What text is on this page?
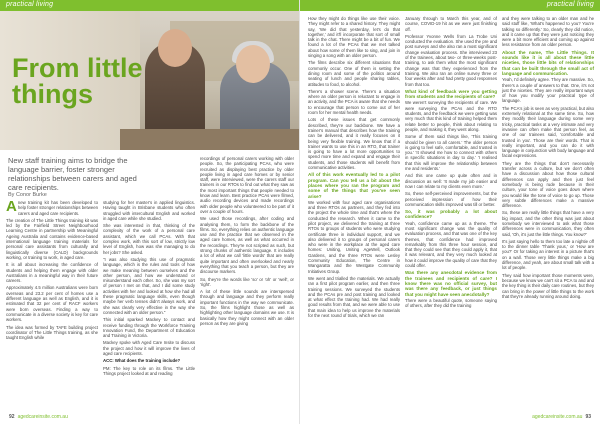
practical living
From little
things
New staff training aims to bridge the language barrier, foster stronger relationships between carers and aged care recipients.
By Conor Burke

Anew training kit has been developed to help foster stronger relationships between carers and aged care recipients.

The creation of The Little Things training kit was led by the Fairfield Street Neighbourhood Learning Centre in partnership with Meaningful Ageing Australia and contains evidence-based international language training materials for personal care assistants from culturally and linguistically diverse (CALD) backgrounds working, or training to work, in aged care.

It is all about increasing the confidence of students and helping them engage with older Australians in a meaningful way in their future careers.

Approximately 4.5 million Australians were born overseas and 23.2 per cent of homes use a different language as well as English, and it is estimated that 32 per cent of RACF workers were born overseas. Finding a way to communicate in a diverse society is key for care workers.

The idea was formed by TAFE building project coordinator of The Little Things training, as she taught English while

studying for her master's in applied linguistics. Having taught in Brisbane students who often struggled with intercultural English and worked in aged care while she studied.

She was interested in that, thinking of the complexity of the work of a personal care assistant, which we call PCAs. With that complex work, with this sort of low, strictly low level of English, how was she managing to do her jobs? She asked.

"I was also studying this use of pragmatic language, which is the rules and tools of how we make meaning between ourselves and the other person, and how we understand or misunderstand each other. So, she was my sort of person I met on that, and I did some study activities with her and looked at how she had all these pragmatic language skills, even though maybe her verb tenses didn't always work, and she was clearly very effective in the way she connected with an older person."

This initial sparked Mackey to contact and receive funding through the Workforce Training Innovation Fund, the Department of Education and Training in Victoria.

Mackey spoke with Aged Care Insite to discuss the project and how it will improve the lives of aged care recipients.

ACC: What does the training include?

PM: The key to role on its films. The Little Things project looked at and reading

recordings of personal carers working with older people. So, the participating PCAs, who were recruited as displaying best practice by older people living in aged care homes or by senior staff, were interviewed, were the carers staff our trainers in our RTOs to find out what they saw as the most important things that people needed to know and learn. Best practice PCAs were filmed, audio recording devices and made recordings with older people who volunteered to be part of it over a couple of hours.

We used those recordings, after coding and analysing them, to form the backbone of the films. So, everything relies on authentic language use and the practice that we observed in the aged care homes, as well as what occurred in the recordings. They're not scripted as such, but strong chunks of authentic language. It includes a lot of what we call 'little words' that are really quite important and often overlooked and nearly everything that you teach a person, but they are discourse markers.

So, they're the words like 'so' or 'oh' or 'well', or 'right'.

A lot of these little sounds are interspersed through and language and they perform really important functions in the way we communicate. So, the films highlight those as well as highlighting other language domains we use. It is basically how they might connect with an older person as they are giving

92 agedcareinsite.com.au
practical living

How they might do things like use their voice. They might refer to a shared history. They might say, 'We did that yesterday, let's do that together,' and it'll incorporate that sort of small talk in the chat. There might be a bit of fun. We found a lot of the PCAs that we met talked about how some of them like to sing, and join in singing a song with an older person.

The films describe six different situations that commonly occur. One of them is setting the dining room and some of the politics around seating of lunch and people sharing tables, attitudes to food, to alcohol.

There's a shower scene. There's a situation where an older person is reluctant to engage in an activity, and the PCA is aware that she needs to encourage that person to come out of her room for her mental health needs.

Lots of these issues that get commonly described, they're our backbone. We have a trainer's manual that describes how the training can be delivered, and it really focuses on it being very flexible training. We know that if a trainer wants to use this in an RTO, that trainer is going to have a lot more opportunities to spend more time and expand and engage their students, and those students will benefit from communicative activities.

All of this work eventually led to a pilot program. Can you tell us a bit about the places where you ran the program and some of the things that you've seen arise?

We worked with four aged care organisations and three RTOs as partners, and they fed into the project the whole time and that's where the conducted the research. When it came to the pilot project, we delivered the training at three RTOs to groups of students who were studying certificate three in individual support, and we also delivered it to groups of personal carers who were in the workplace at the aged care homes: Uniting, Uniting AgeWell, Outlook Gardens, and the three RTOs were Lesley Community Education, The Centre in Wangaratta and the Westgate Community Initiatives Group.

We went and trialled the materials. We actually ran a first pilot program earlier, and then three training sessions. We surveyed the students and the PCAs pre and post training and looked at what effect the training had. We had really good results from that, and we were able to use that main idea to help us improve the materials for the next round of trials, which we ran

January through to March this year, and of course, COVID-19 hit as we were just finishing off.

Professor Yvonne Wells from La Trobe Uni conducted the evaluation. She used the pre and post surveys and she also ran a most significant change evaluation process. She interviewed 23 of the trainees, about two- or three-weeks post-training, to ask them what the most significant change was that they experienced from the training. We also ran an online survey three or four weeks after and had pretty good responses from that too.

What kind of feedback were you getting from students and the recipients of care?

We weren't surveying the recipients of care. We were surveying the PCAs and the RTO students, and the feedback we were getting was very much that this kind of training helped them relate better to people, think about relating to people, and making it, they went along.

Some of them said things like, 'This training should be given to all carers.' The older person is going to feel safe, comfortable, and trusted in you.' 'It showed me how to connect with others in specific situations in day to day.' 'I realised that this will improve the relationship between me and residents.'

And this one came up quite often and in discussion as well: 'It made my job easier and now I can relate to my clients even more.'

So, these self-perceived improvements, but the perceived impression of how their communication skills improved was till or better.

So, it was probably a lot about confidence?

Yeah, confidence came up as a theme. The most significant change was the quality of evaluation process, and that was one of the key themes, that confidence had improved remarkably from this three hour session, and that they could see that they could apply it, that it was relevant, and they very much looked at how it could improve the quality of care that they could offer.

Was there any anecdotal evidence from the trainees and recipients of care? I know there was no official survey, but was there any feedback, or just things that you might have seen anecdotally?

There were a beautiful quote, someone saying of others, after they did the training

and they were talking to an older man and he said stuff like, 'What's happened to you? You're talking so differently.' So, clearly they did notice, and it came up that they were just noticing they were a bit more efficient and coming up against less resistance from an older person.

About the name, The Little Things. It sounds like it is all about these little niceties, those little bits of relationships that can be built through the small act of language and communication.

Yeah, I'd definitely agree. They are massive. So, there's a couple of answers to that. One, it's not just the niceties. They are really important ways of how you modify your practical type of language.

The PCA's job is seen as very practical, but also extremely relational at the same time. So, how they modify their language during some very tricky, practical tasks at a very intimate and very invasive can often make that person feel, as one of our trainees said, 'comfortable and trusted in you'. Those are their words. That is really important, and you can do it with language in conjunction with body language and facial expressions.

They are the things that don't necessarily transfer across a culture, but we don't often have a discussion about how those cultural differences can apply and then just feel somebody is being rude because in their culture, your tone of voice goes down where you would like the tone of voice to go up. Those very subtle differences make a massive difference.

So, these are really little things that have a very big impact, and the other thing was just about somebody we interviewed to ask what those differences were in communication, they often said, 'Oh, it's just the little things. You know?'

It's just saying hello to them too late a nightie off to the dinner table 'Thank yous,' or 'How are you?' Or for taking an interest in a picture that's on a wall. Those very little things make a big difference, and yeah, are about small talk with a lot of people.

They said how important those moments were, because we know we can't sit a PCA to and and the key thing is their daily care routines, but they can bring in the power of little things to the work that they're already running around doing.

agedcareinsite.com.au 93
